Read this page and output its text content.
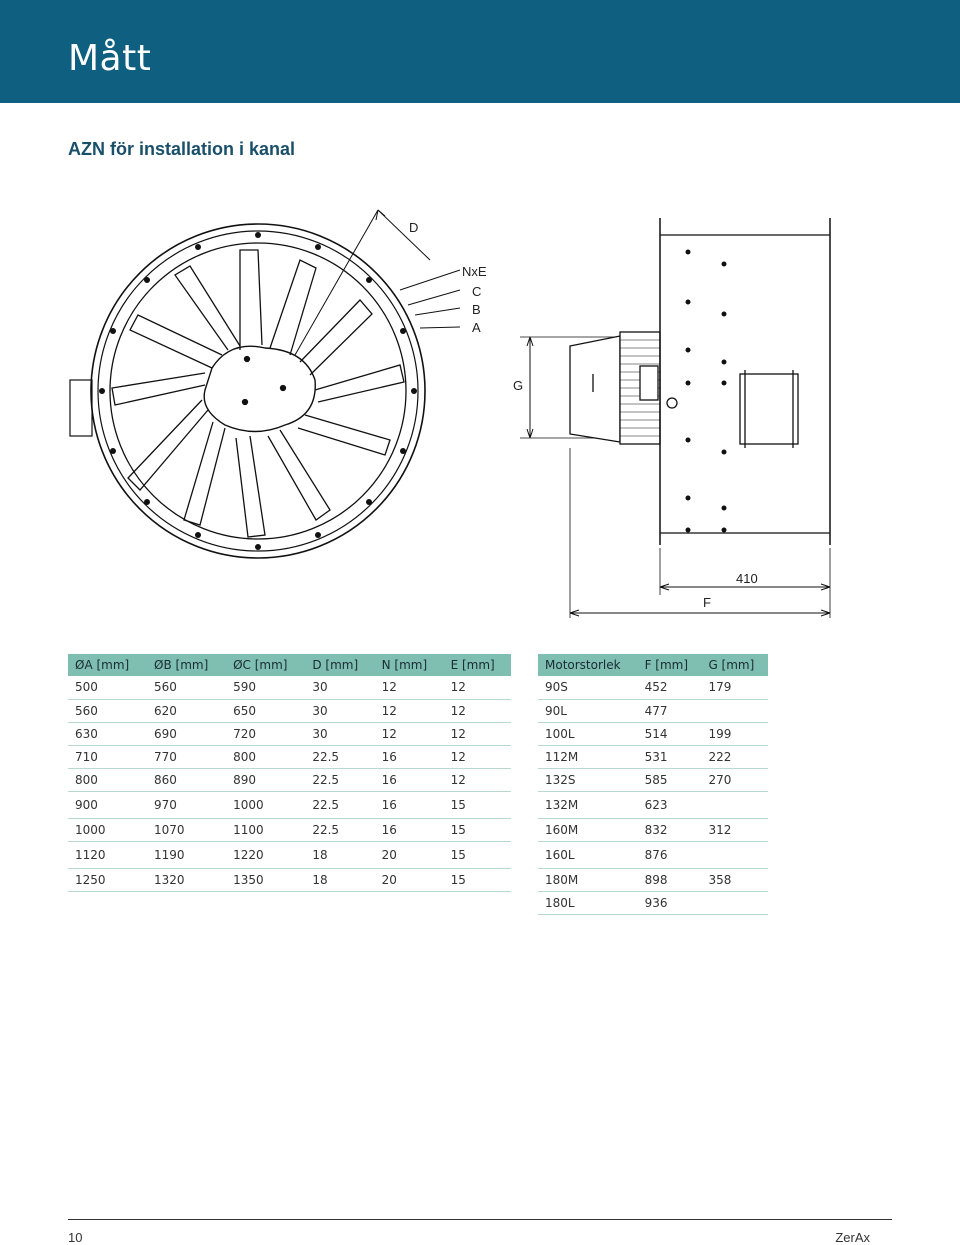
Mått
AZN för installation i kanal
D
NxE
C
B
A
G
410
F
ØA [mm]	ØB [mm]	ØC [mm]	D [mm]	N [mm]	E [mm]
500	560	590	30	12	12
560	620	650	30	12	12
630	690	720	30	12	12
710	770	800	22.5	16	12
800	860	890	22.5	16	12
900	970	1000	22.5	16	15
1000	1070	1100	22.5	16	15
1120	1190	1220	18	20	15
1250	1320	1350	18	20	15
Motorstorlek	F [mm]	G [mm]
90S	452	179
90L	477	
100L	514	199
112M	531	222
132S	585	270
132M	623	
160M	832	312
160L	876	
180M	898	358
180L	936	
10	ZerAx
